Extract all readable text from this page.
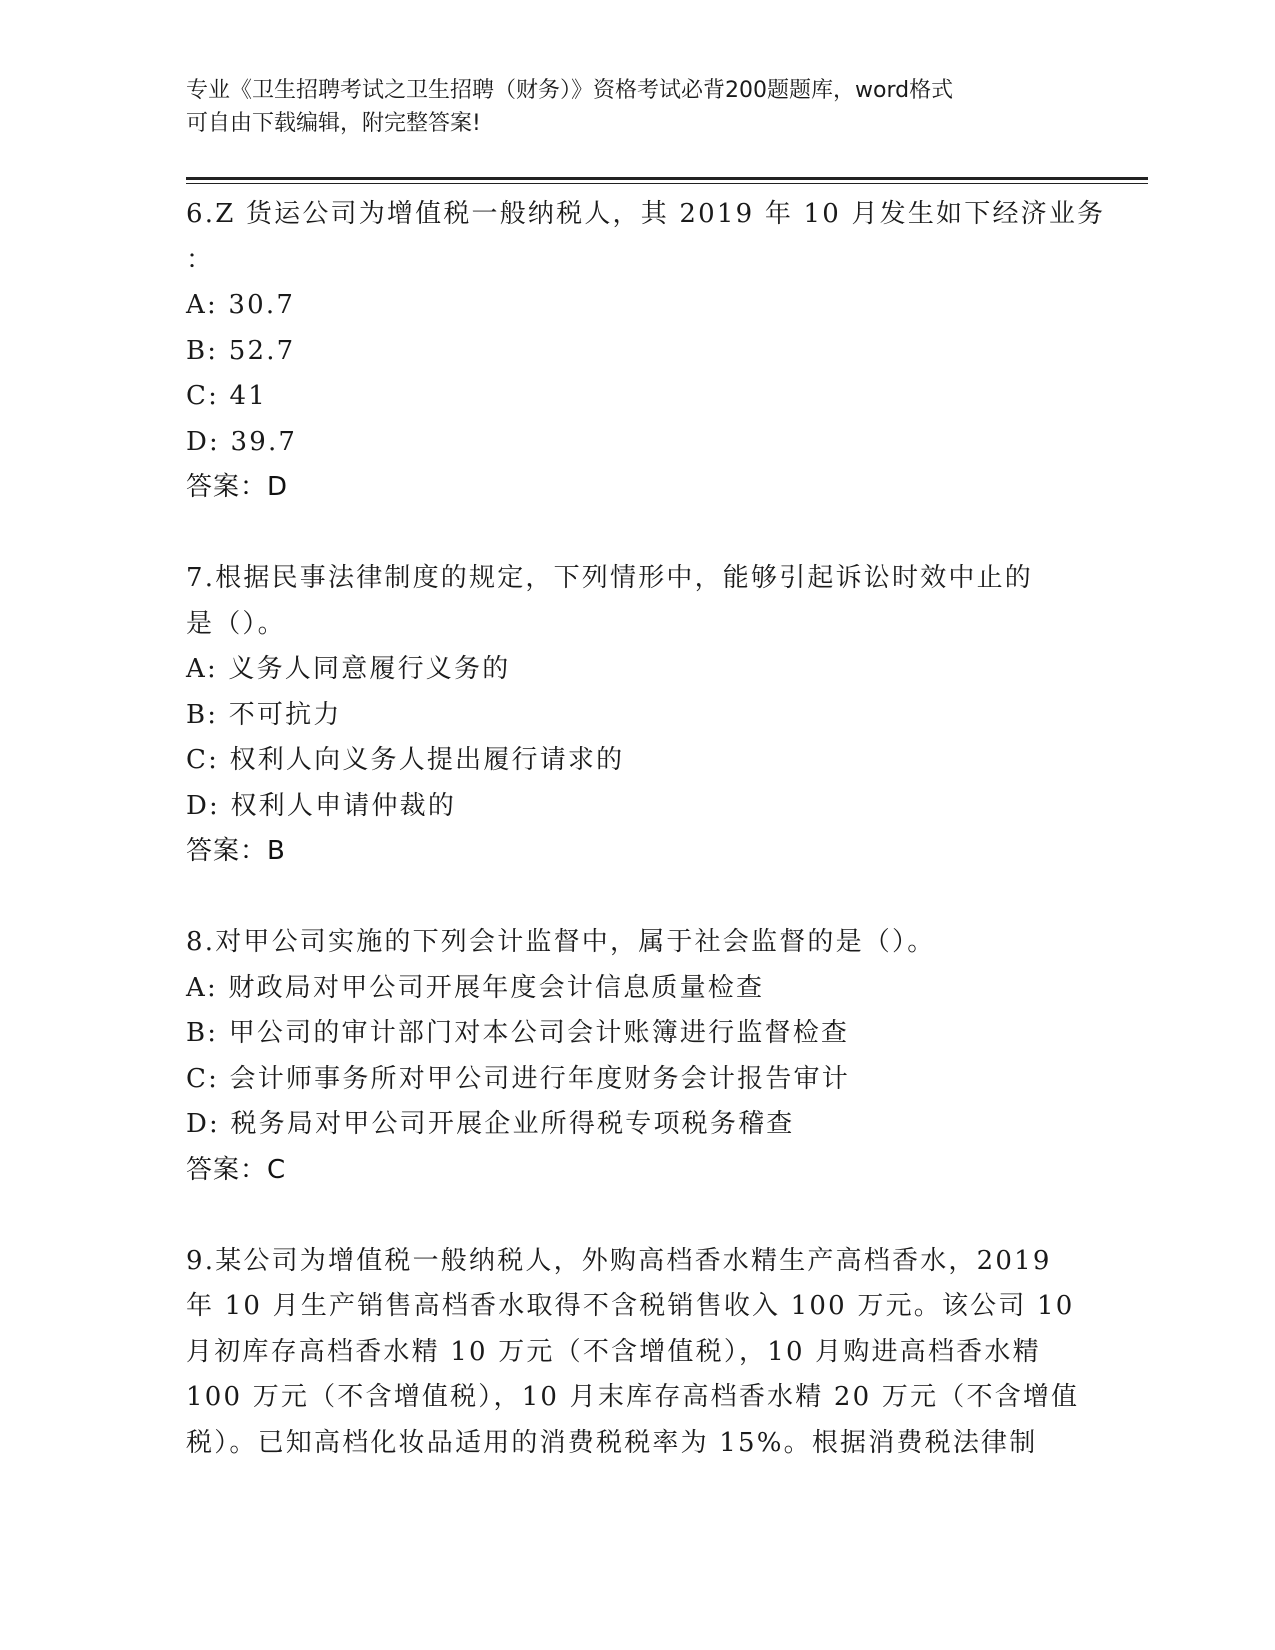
专业《卫生招聘考试之卫生招聘（财务）》资格考试必背200题题库，word格式
可自由下载编辑，附完整答案!
6.Z 货运公司为增值税一般纳税人，其 2019 年 10 月发生如下经济业务
：
A: 30.7
B: 52.7
C: 41
D: 39.7
答案：D
7.根据民事法律制度的规定，下列情形中，能够引起诉讼时效中止的
是（）。
A: 义务人同意履行义务的
B: 不可抗力
C: 权利人向义务人提出履行请求的
D: 权利人申请仲裁的
答案：B
8.对甲公司实施的下列会计监督中，属于社会监督的是（）。
A: 财政局对甲公司开展年度会计信息质量检查
B: 甲公司的审计部门对本公司会计账簿进行监督检查
C: 会计师事务所对甲公司进行年度财务会计报告审计
D: 税务局对甲公司开展企业所得税专项税务稽查
答案：C
9.某公司为增值税一般纳税人，外购高档香水精生产高档香水，2019
年 10 月生产销售高档香水取得不含税销售收入 100 万元。该公司 10
月初库存高档香水精 10 万元（不含增值税），10 月购进高档香水精
100 万元（不含增值税），10 月末库存高档香水精 20 万元（不含增值
税）。已知高档化妆品适用的消费税税率为 15%。根据消费税法律制
